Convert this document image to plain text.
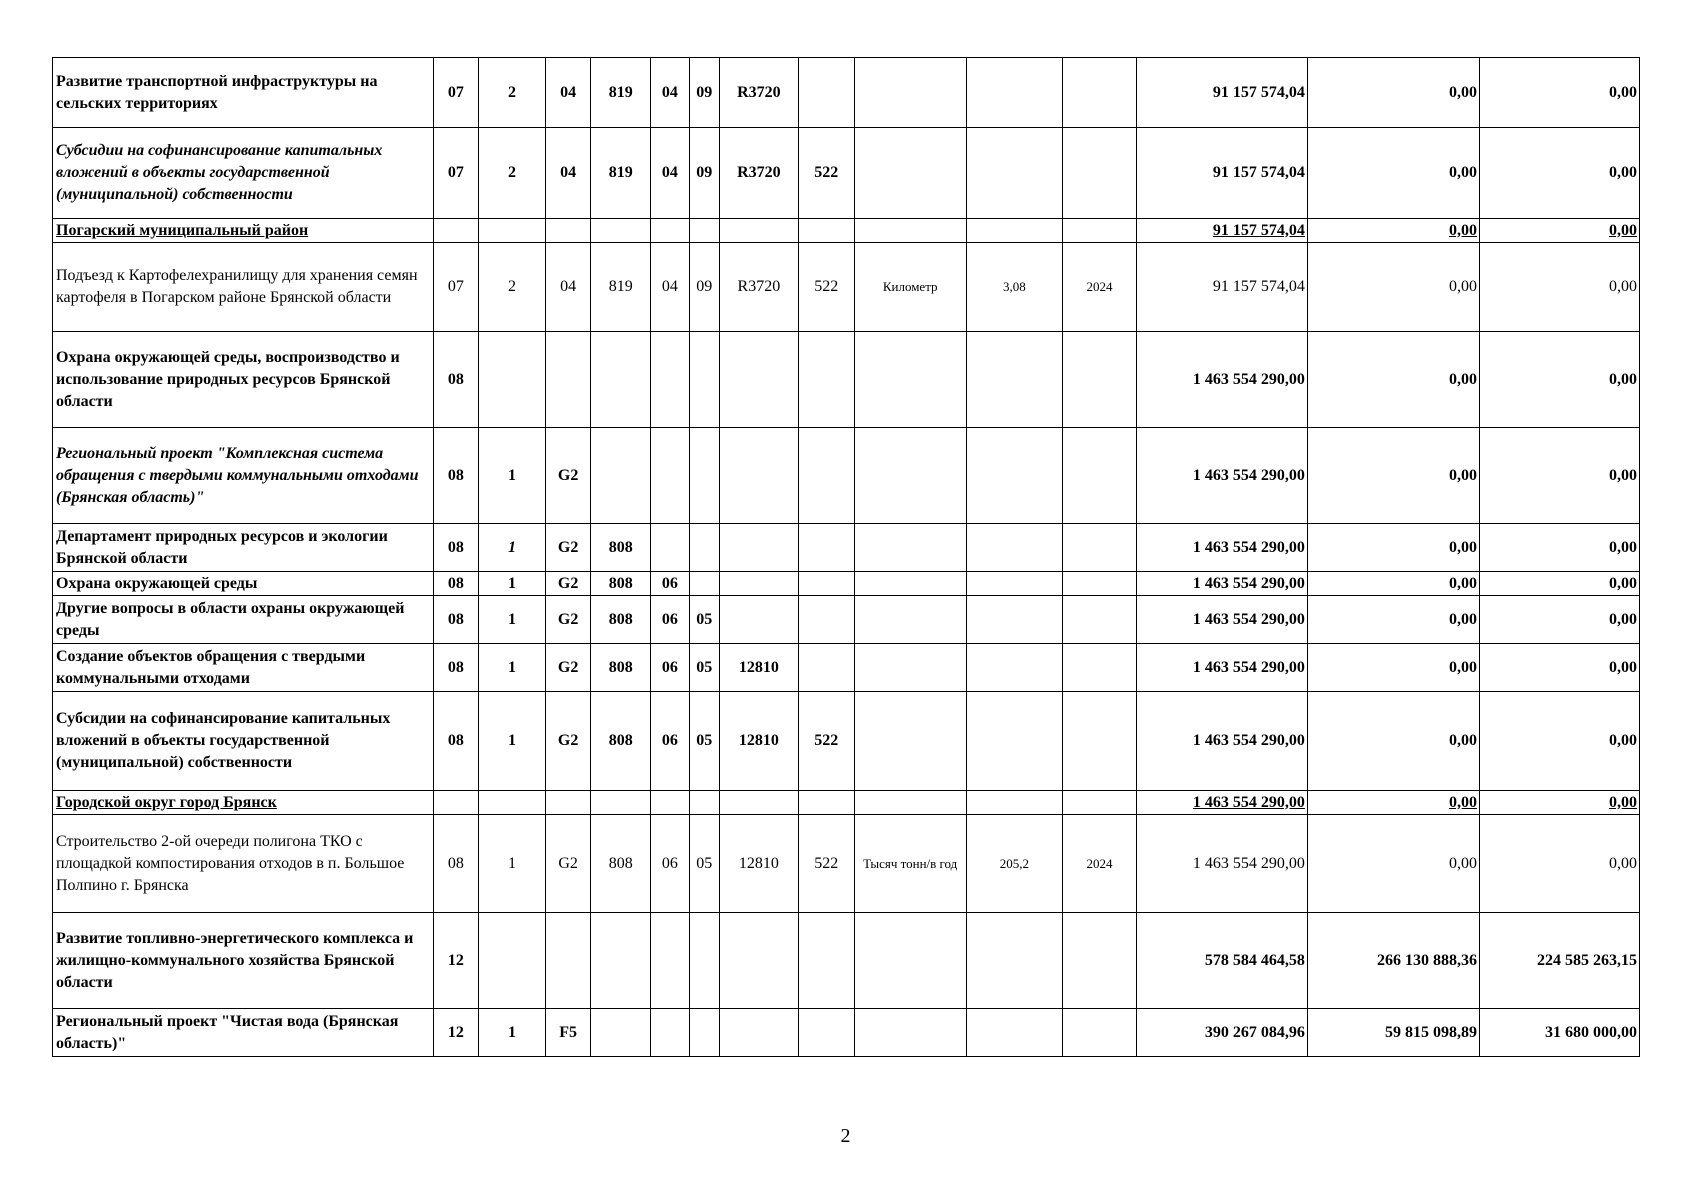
Развитие транспортной инфраструктуры на сельских территориях	07	2	04	819	04	09	R3720					91 157 574,04	0,00	0,00
Субсидии на софинансирование капитальных вложений в объекты государственной (муниципальной) собственности	07	2	04	819	04	09	R3720	522				91 157 574,04	0,00	0,00
Погарский муниципальный район												91 157 574,04	0,00	0,00
Подъезд к Картофелехранилищу для хранения семян картофеля в Погарском районе Брянской области	07	2	04	819	04	09	R3720	522	Километр	3,08	2024	91 157 574,04	0,00	0,00
Охрана окружающей среды, воспроизводство и использование природных ресурсов Брянской области	08											1 463 554 290,00	0,00	0,00
Региональный проект "Комплексная система обращения с твердыми коммунальными отходами (Брянская область)"	08	1	G2									1 463 554 290,00	0,00	0,00
Департамент природных ресурсов и экологии Брянской области	08	1	G2	808								1 463 554 290,00	0,00	0,00
Охрана окружающей среды	08	1	G2	808	06							1 463 554 290,00	0,00	0,00
Другие вопросы в области охраны окружающей среды	08	1	G2	808	06	05						1 463 554 290,00	0,00	0,00
Создание объектов обращения с твердыми коммунальными отходами	08	1	G2	808	06	05	12810					1 463 554 290,00	0,00	0,00
Субсидии на софинансирование капитальных вложений в объекты государственной (муниципальной) собственности	08	1	G2	808	06	05	12810	522				1 463 554 290,00	0,00	0,00
Городской округ город Брянск												1 463 554 290,00	0,00	0,00
Строительство 2-ой очереди полигона ТКО с площадкой компостирования отходов в п. Большое Полпино г. Брянска	08	1	G2	808	06	05	12810	522	Тысяч тонн/в год	205,2	2024	1 463 554 290,00	0,00	0,00
Развитие топливно-энергетического комплекса и жилищно-коммунального хозяйства Брянской области	12											578 584 464,58	266 130 888,36	224 585 263,15
Региональный проект "Чистая вода (Брянская область)"	12	1	F5									390 267 084,96	59 815 098,89	31 680 000,00
2
